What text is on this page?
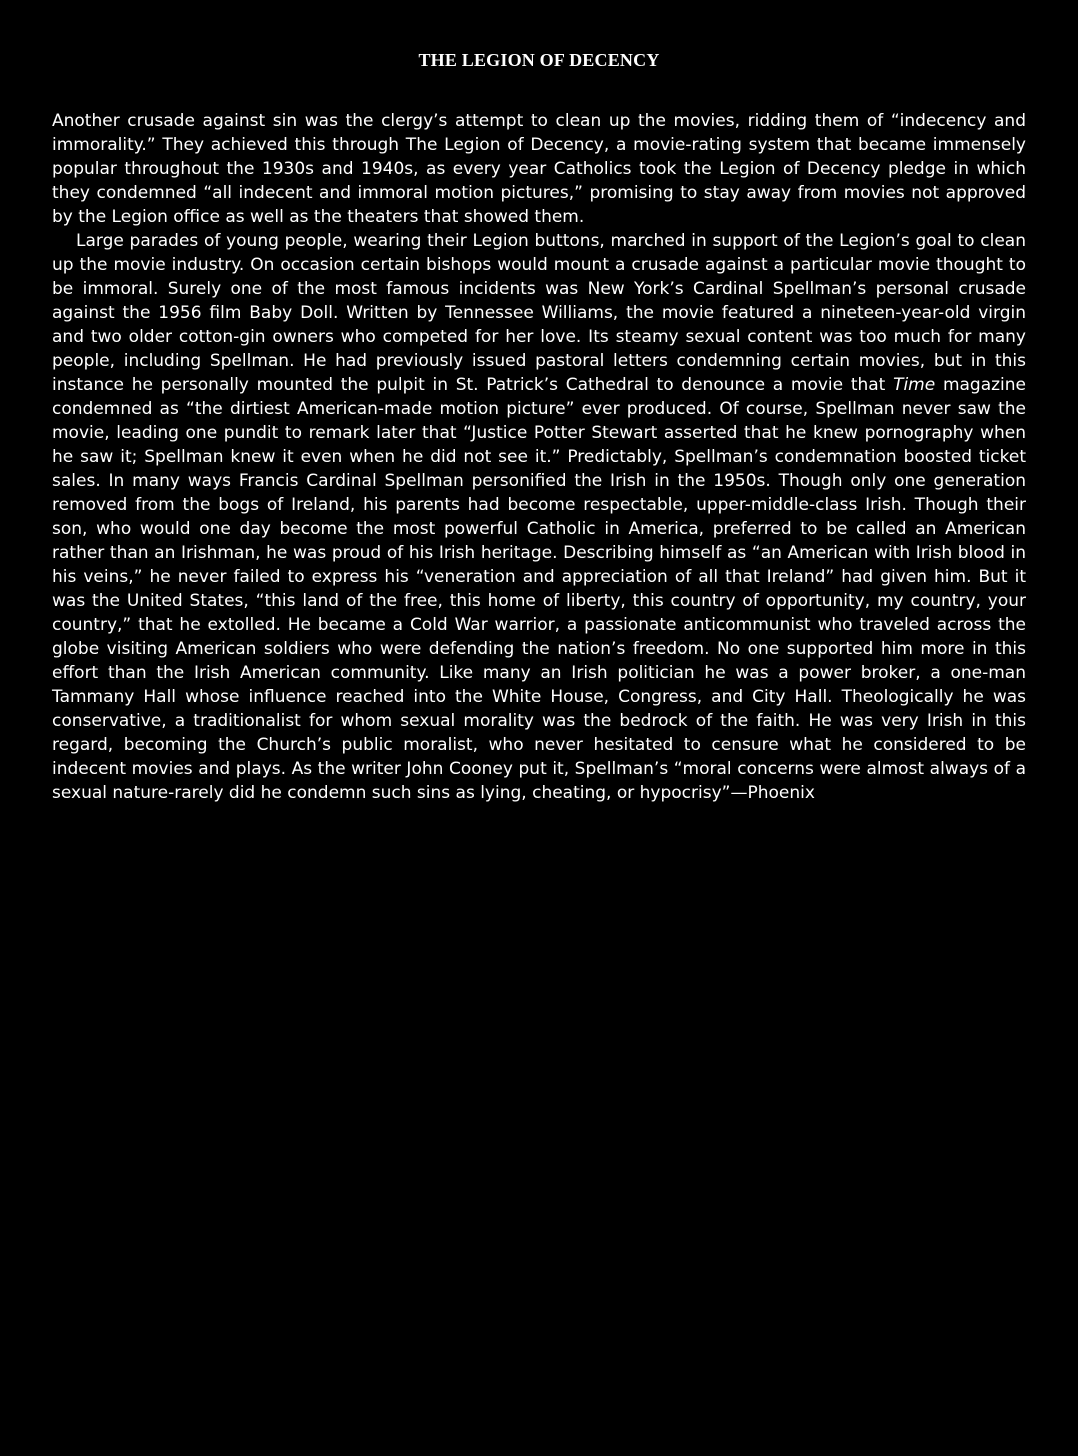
THE LEGION OF DECENCY

Another crusade against sin was the clergy’s attempt to clean up the movies, ridding them of “indecency and immorality.” They achieved this through The Legion of Decency, a movie-rating system that became immensely popular throughout the 1930s and 1940s, as every year Catholics took the Legion of Decency pledge in which they condemned “all indecent and immoral motion pictures,” promising to stay away from movies not approved by the Legion office as well as the theaters that showed them.

Large parades of young people, wearing their Legion buttons, marched in support of the Legion’s goal to clean up the movie industry. On occasion certain bishops would mount a crusade against a particular movie thought to be immoral. Surely one of the most famous incidents was New York’s Cardinal Spellman’s personal crusade against the 1956 film Baby Doll. Written by Tennessee Williams, the movie featured a nineteen-year-old virgin and two older cotton-gin owners who competed for her love. Its steamy sexual content was too much for many people, including Spellman. He had previously issued pastoral letters condemning certain movies, but in this instance he personally mounted the pulpit in St. Patrick’s Cathedral to denounce a movie that Time magazine condemned as “the dirtiest American-made motion picture” ever produced. Of course, Spellman never saw the movie, leading one pundit to remark later that “Justice Potter Stewart asserted that he knew pornography when he saw it; Spellman knew it even when he did not see it.” Predictably, Spellman’s condemnation boosted ticket sales. In many ways Francis Cardinal Spellman personified the Irish in the 1950s. Though only one generation removed from the bogs of Ireland, his parents had become respectable, upper-middle-class Irish. Though their son, who would one day become the most powerful Catholic in America, preferred to be called an American rather than an Irishman, he was proud of his Irish heritage. Describing himself as “an American with Irish blood in his veins,” he never failed to express his “veneration and appreciation of all that Ireland” had given him. But it was the United States, “this land of the free, this home of liberty, this country of opportunity, my country, your country,” that he extolled. He became a Cold War warrior, a passionate anticommunist who traveled across the globe visiting American soldiers who were defending the nation’s freedom. No one supported him more in this effort than the Irish American community. Like many an Irish politician he was a power broker, a one-man Tammany Hall whose influence reached into the White House, Congress, and City Hall. Theologically he was conservative, a traditionalist for whom sexual morality was the bedrock of the faith. He was very Irish in this regard, becoming the Church’s public moralist, who never hesitated to censure what he considered to be indecent movies and plays. As the writer John Cooney put it, Spellman’s “moral concerns were almost always of a sexual nature-rarely did he condemn such sins as lying, cheating, or hypocrisy”—Phoenix
